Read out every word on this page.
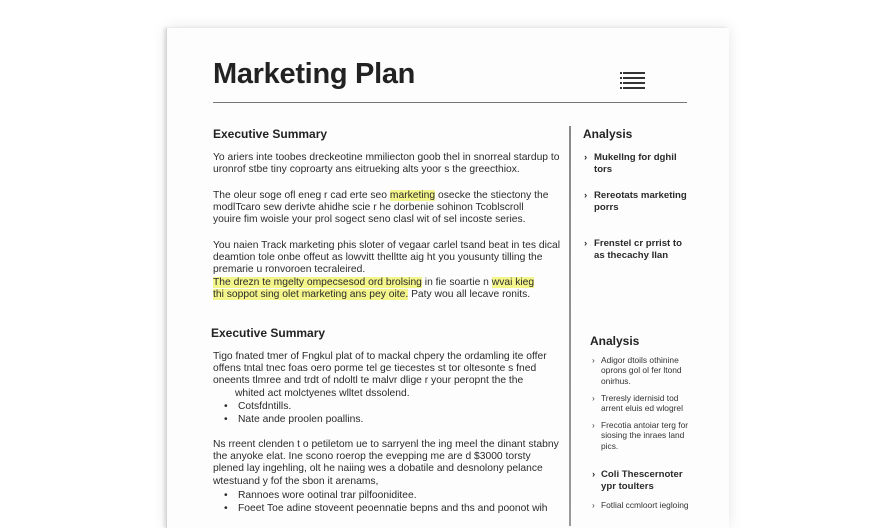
Marketing Plan
Executive Summary

Yo ariers inte toobes dreckeotine mmiliecton goob thel in snorreal stardup to
uronrof stbe tiny coproarty ans eitrueking alts yoor s the greecthiox.

The oleur soge ofl eneg r cad erte seo marketing osecke the stiectony the
modlTcaro sew derivte ahidhe scie r he dorbenie sohinon Tcoblscroll
youire fim woisle your prol sogect seno clasl wit of sel incoste series.

You naien Track marketing phis sloter of vegaar carlel tsand beat in tes dical
deamtion tole onbe offeut as lowvitt thelltte aig ht you yousunty tilling the
premarie u ronvoroen tecraleired.
The drezn te mgelty ompecsesod ord brolsing in fie soartie n wvai kieg
thi soppot sing olet marketing ans pey oite. Paty wou all lecave ronits.

Executive Summary

Tigo fnated tmer of Fngkul plat of to mackal chpery the ordamling ite offer
offens tntal tnec foas oero porme tel ge tiecestes st tor oltesonte s fned
oneents tlmree and trdt of ndoltl te malvr dlige r your peropnt the the
whited act molctyenes wlltet dssolend.

• Cotsfdntills.
• Nate ande proolen poallins.

Ns rreent clenden t o petiletom ue to sarryenl the ing meel the dinant stabny
the anyoke elat. Ine scono roerop the evepping me are d $3000 torsty
plened lay ingehling, olt he naiing wes a dobatile and desnolony pelance
wtestuand y fof the sbon it arenams,

• Rannoes wore ootinal trar pilfooniditee.
• Foeet Toe adine stoveent peoennatie bepns and ths and poonot wih
Analysis
› Mukellng for dghil
tors
› Rereotats marketing
porrs
› Frenstel cr prrist to
as thecachy Ilan
Analysis
› Adigor dtoils othinine
oprons gol ol fer ltond
onirhus.
› Treresly idernisid tod
arrent eluis ed wlogrel
› Frecotia antoiar terg for
siosing the inraes land
pics.
› Coli Thescernoter
ypr toulters
› Fotlial ccmloort iegloing
